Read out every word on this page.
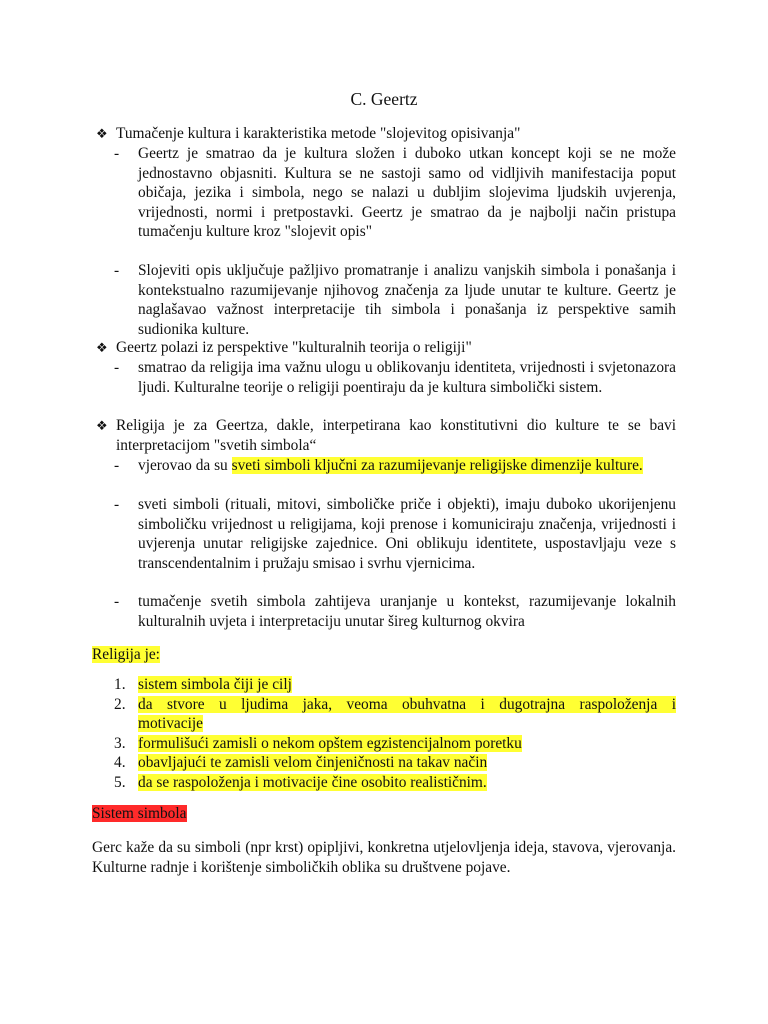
C. Geertz
❖ Tumačenje kultura i karakteristika metode "slojevitog opisivanja"
-	Geertz je smatrao da je kultura složen i duboko utkan koncept koji se ne može jednostavno objasniti. Kultura se ne sastoji samo od vidljivih manifestacija poput običaja, jezika i simbola, nego se nalazi u dubljim slojevima ljudskih uvjerenja, vrijednosti, normi i pretpostavki. Geertz je smatrao da je najbolji način pristupa tumačenju kulture kroz "slojevit opis"
-	Slojeviti opis uključuje pažljivo promatranje i analizu vanjskih simbola i ponašanja i kontekstualno razumijevanje njihovog značenja za ljude unutar te kulture. Geertz je naglašavao važnost interpretacije tih simbola i ponašanja iz perspektive samih sudionika kulture.
❖ Geertz polazi iz perspektive "kulturalnih teorija o religiji"
-	smatrao da religija ima važnu ulogu u oblikovanju identiteta, vrijednosti i svjetonazora ljudi. Kulturalne teorije o religiji poentiraju da je kultura simbolički sistem.
❖ Religija je za Geertza, dakle, interpetirana kao konstitutivni dio kulture te se bavi interpretacijom "svetih simbola“
-	vjerovao da su sveti simboli ključni za razumijevanje religijske dimenzije kulture.
-	sveti simboli (rituali, mitovi, simboličke priče i objekti), imaju duboko ukorijenjenu simboličku vrijednost u religijama, koji prenose i komuniciraju značenja, vrijednosti i uvjerenja unutar religijske zajednice. Oni oblikuju identitete, uspostavljaju veze s transcendentalnim i pružaju smisao i svrhu vjernicima.
-	tumačenje svetih simbola zahtijeva uranjanje u kontekst, razumijevanje lokalnih kulturalnih uvjeta i interpretaciju unutar šireg kulturnog okvira
Religija je:
1. sistem simbola čiji je cilj
2. da stvore u ljudima jaka, veoma obuhvatna i dugotrajna raspoloženja i
motivacije
3. formulišući zamisli o nekom opštem egzistencijalnom poretku
4. obavljajući te zamisli velom činjeničnosti na takav način
5. da se raspoloženja i motivacije čine osobito realističnim.
Sistem simbola
Gerc kaže da su simboli (npr krst) opipljivi, konkretna utjelovljenja ideja, stavova, vjerovanja. Kulturne radnje i korištenje simboličkih oblika su društvene pojave.
